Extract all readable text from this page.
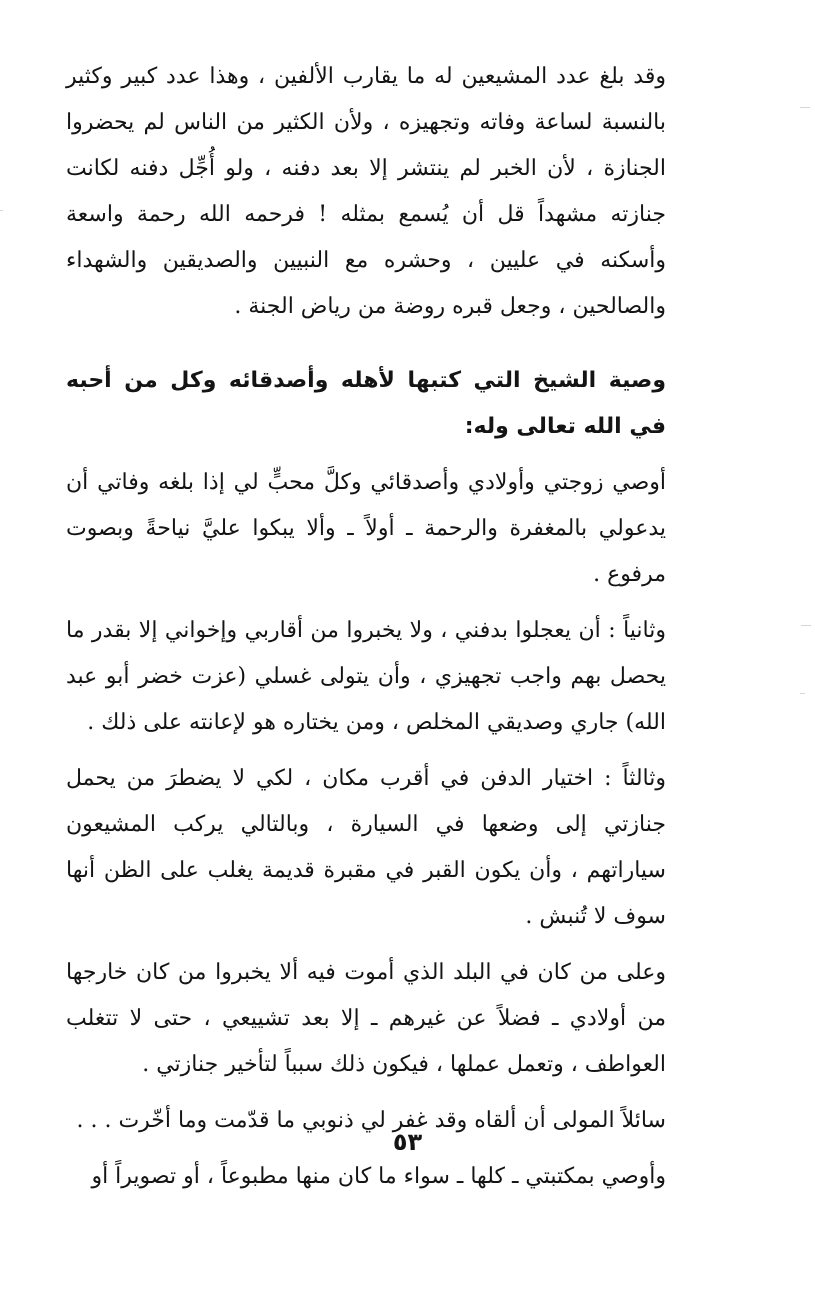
وقد بلغ عدد المشيعين له ما يقارب الألفين ، وهذا عدد كبير وكثير بالنسبة لساعة وفاته وتجهيزه ، ولأن الكثير من الناس لم يحضروا الجنازة ، لأن الخبر لم ينتشر إلا بعد دفنه ، ولو أُجِّل دفنه لكانت جنازته مشهداً قل أن يُسمع بمثله ! فرحمه الله رحمة واسعة وأسكنه في عليين ، وحشره مع النبيين والصديقين والشهداء والصالحين ، وجعل قبره روضة من رياض الجنة .

وصية الشيخ التي كتبها لأهله وأصدقائه وكل من أحبه في الله تعالى وله:

أوصي زوجتي وأولادي وأصدقائي وكلَّ محبٍّ لي إذا بلغه وفاتي أن يدعولي بالمغفرة والرحمة ـ أولاً ـ وألا يبكوا عليَّ نياحةً وبصوت مرفوع .

وثانياً : أن يعجلوا بدفني ، ولا يخبروا من أقاربي وإخواني إلا بقدر ما يحصل بهم واجب تجهيزي ، وأن يتولى غسلي (عزت خضر أبو عبد الله) جاري وصديقي المخلص ، ومن يختاره هو لإعانته على ذلك .

وثالثاً : اختيار الدفن في أقرب مكان ، لكي لا يضطرَ من يحمل جنازتي إلى وضعها في السيارة ، وبالتالي يركب المشيعون سياراتهم ، وأن يكون القبر في مقبرة قديمة يغلب على الظن أنها سوف لا تُنبش .

وعلى من كان في البلد الذي أموت فيه ألا يخبروا من كان خارجها من أولادي ـ فضلاً عن غيرهم ـ إلا بعد تشييعي ، حتى لا تتغلب العواطف ، وتعمل عملها ، فيكون ذلك سبباً لتأخير جنازتي .

سائلاً المولى أن ألقاه وقد غفر لي ذنوبي ما قدّمت وما أخّرت . . .

وأوصي بمكتبتي ـ كلها ـ سواء ما كان منها مطبوعاً ، أو تصويراً أو

٥٣
